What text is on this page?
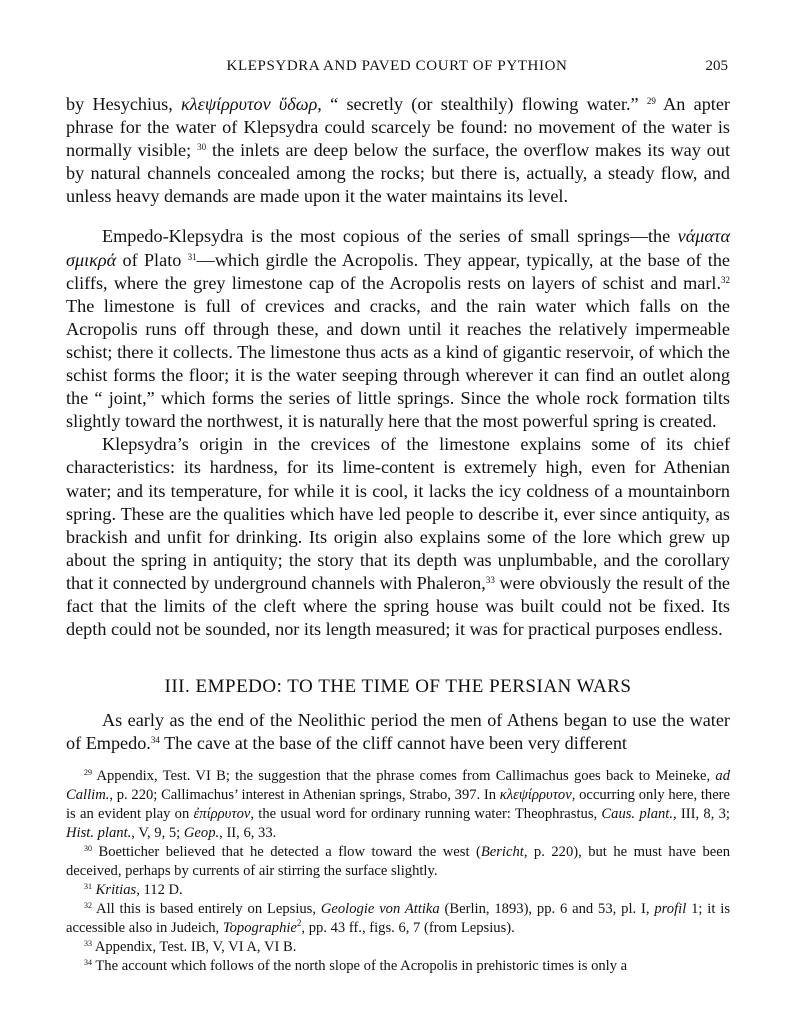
KLEPSYDRA AND PAVED COURT OF PYTHION	205

by Hesychius, κλεψίρρυτον ὕδωρ, “ secretly (or stealthily) flowing water.” $^{29}$ An apter phrase for the water of Klepsydra could scarcely be found: no movement of the water is normally visible; $^{30}$ the inlets are deep below the surface, the overflow makes its way out by natural channels concealed among the rocks; but there is, actually, a steady flow, and unless heavy demands are made upon it the water maintains its level.

Empedo-Klepsydra is the most copious of the series of small springs—the νάματα σμικρά of Plato $^{31}$—which girdle the Acropolis. They appear, typically, at the base of the cliffs, where the grey limestone cap of the Acropolis rests on layers of schist and marl.$^{32}$ The limestone is full of crevices and cracks, and the rain water which falls on the Acropolis runs off through these, and down until it reaches the relatively impermeable schist; there it collects. The limestone thus acts as a kind of gigantic reservoir, of which the schist forms the floor; it is the water seeping through wherever it can find an outlet along the “ joint,” which forms the series of little springs. Since the whole rock formation tilts slightly toward the northwest, it is naturally here that the most powerful spring is created.

Klepsydra’s origin in the crevices of the limestone explains some of its chief characteristics: its hardness, for its lime-content is extremely high, even for Athenian water; and its temperature, for while it is cool, it lacks the icy coldness of a mountainborn spring. These are the qualities which have led people to describe it, ever since antiquity, as brackish and unfit for drinking. Its origin also explains some of the lore which grew up about the spring in antiquity; the story that its depth was unplumbable, and the corollary that it connected by underground channels with Phaleron,$^{33}$ were obviously the result of the fact that the limits of the cleft where the spring house was built could not be fixed. Its depth could not be sounded, nor its length measured; it was for practical purposes endless.

III. EMPEDO: TO THE TIME OF THE PERSIAN WARS

As early as the end of the Neolithic period the men of Athens began to use the water of Empedo.$^{34}$ The cave at the base of the cliff cannot have been very different

$^{29}$ Appendix, Test. VI B; the suggestion that the phrase comes from Callimachus goes back to Meineke, ad Callim., p. 220; Callimachus’ interest in Athenian springs, Strabo, 397. In κλεψίρρυτον, occurring only here, there is an evident play on ἐπίρρυτον, the usual word for ordinary running water: Theophrastus, Caus. plant., III, 8, 3; Hist. plant., V, 9, 5; Geop., II, 6, 33.

$^{30}$ Boetticher believed that he detected a flow toward the west (Bericht, p. 220), but he must have been deceived, perhaps by currents of air stirring the surface slightly.

$^{31}$ Kritias, 112 D.

$^{32}$ All this is based entirely on Lepsius, Geologie von Attika (Berlin, 1893), pp. 6 and 53, pl. I, profil 1; it is accessible also in Judeich, Topographie$^2$, pp. 43 ff., figs. 6, 7 (from Lepsius).

$^{33}$ Appendix, Test. IB, V, VI A, VI B.

$^{34}$ The account which follows of the north slope of the Acropolis in prehistoric times is only a
